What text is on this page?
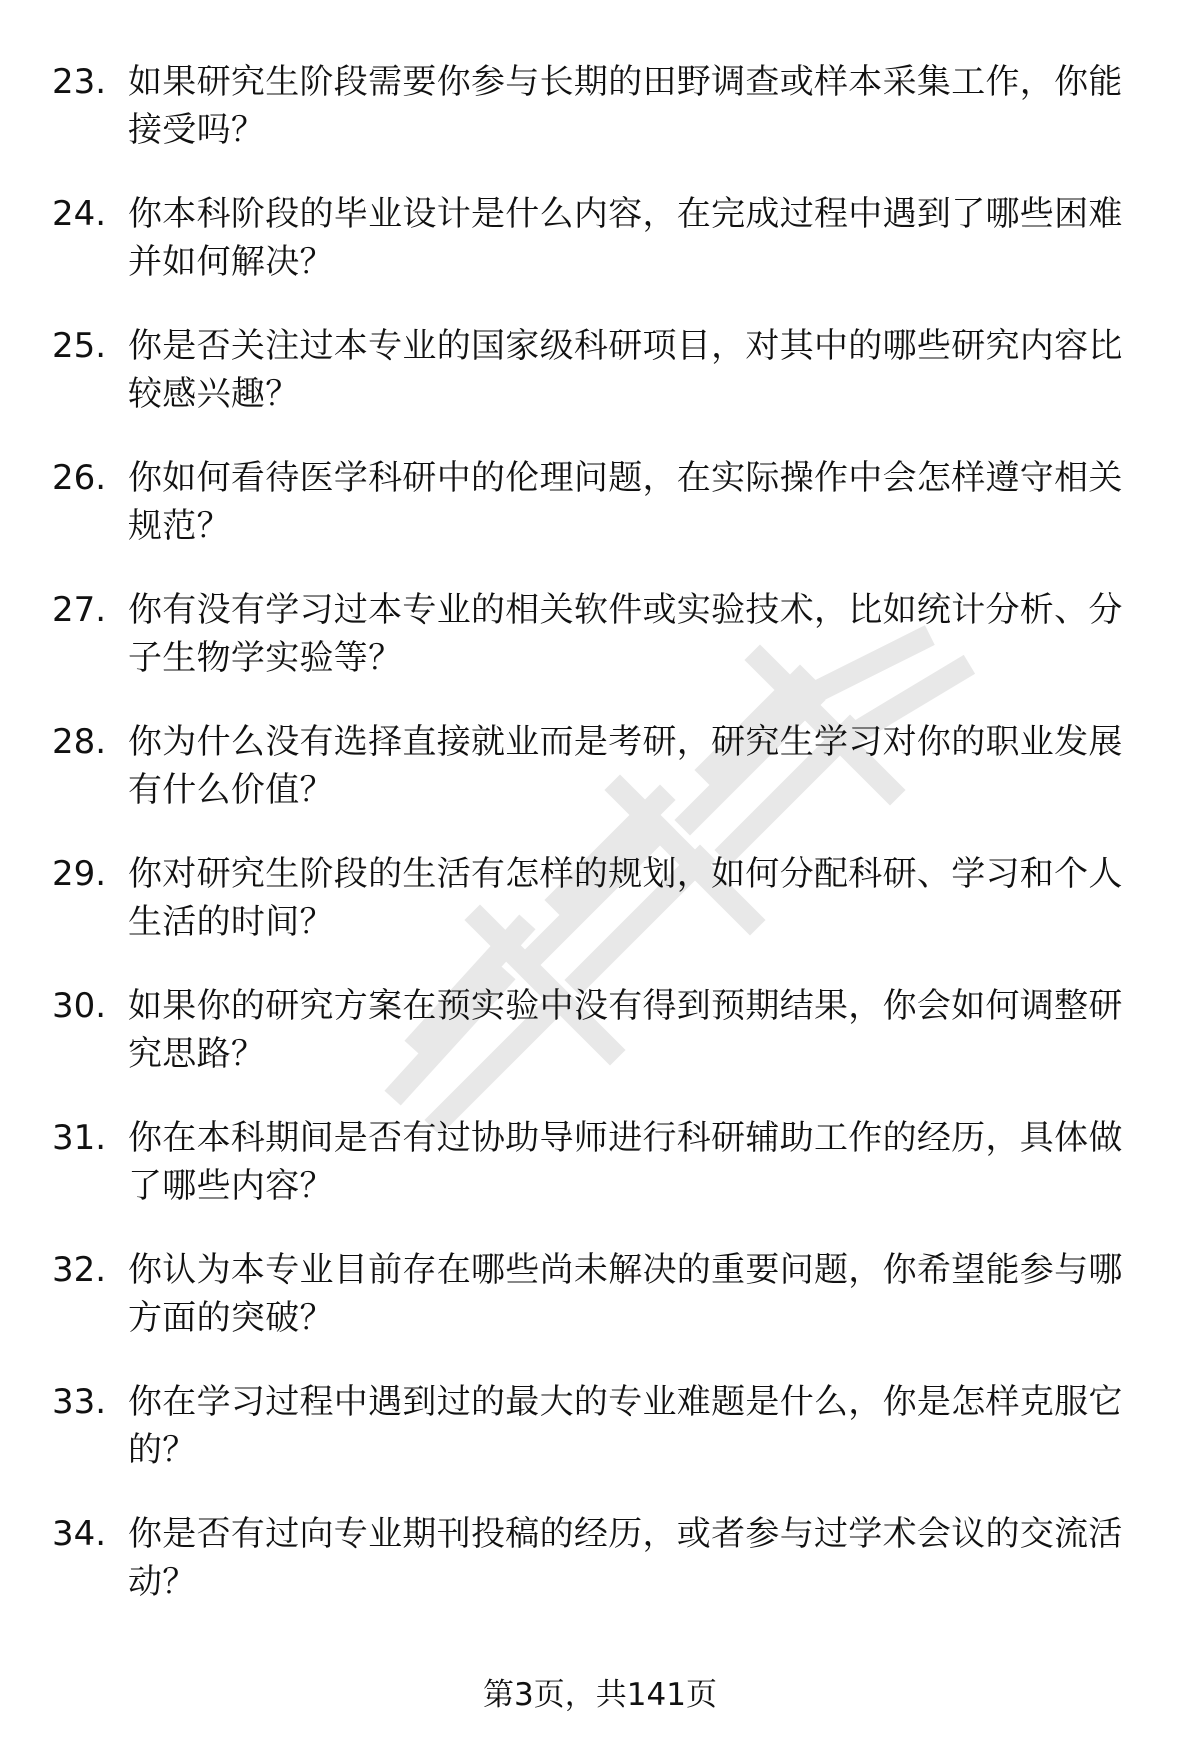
23. 如果研究生阶段需要你参与长期的田野调查或样本采集工作，你能接受吗？
24. 你本科阶段的毕业设计是什么内容，在完成过程中遇到了哪些困难并如何解决？
25. 你是否关注过本专业的国家级科研项目，对其中的哪些研究内容比较感兴趣？
26. 你如何看待医学科研中的伦理问题，在实际操作中会怎样遵守相关规范？
27. 你有没有学习过本专业的相关软件或实验技术，比如统计分析、分子生物学实验等？
28. 你为什么没有选择直接就业而是考研，研究生学习对你的职业发展有什么价值？
29. 你对研究生阶段的生活有怎样的规划，如何分配科研、学习和个人生活的时间？
30. 如果你的研究方案在预实验中没有得到预期结果，你会如何调整研究思路？
31. 你在本科期间是否有过协助导师进行科研辅助工作的经历，具体做了哪些内容？
32. 你认为本专业目前存在哪些尚未解决的重要问题，你希望能参与哪方面的突破？
33. 你在学习过程中遇到过的最大的专业难题是什么，你是怎样克服它的？
34. 你是否有过向专业期刊投稿的经历，或者参与过学术会议的交流活动？
第3页，共141页
